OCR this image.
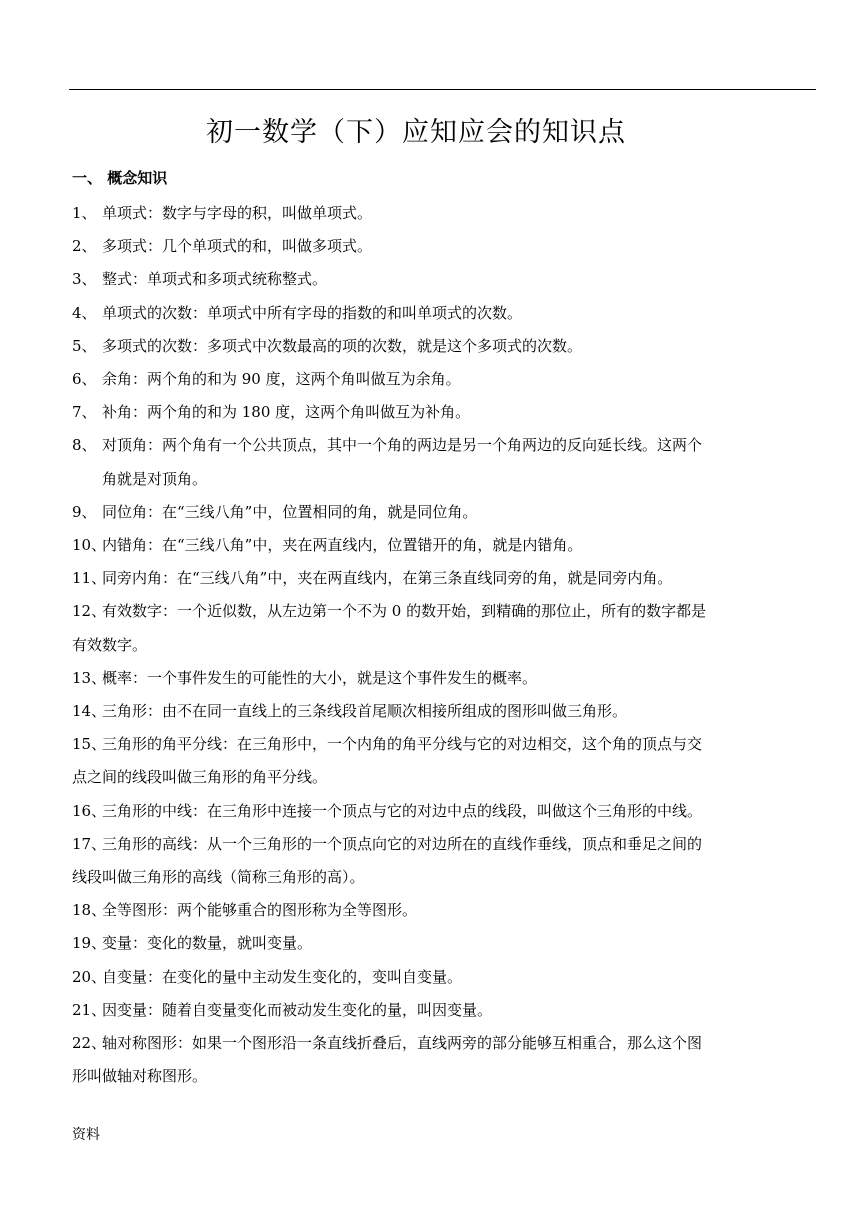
初一数学（下）应知应会的知识点
一、 概念知识
1、 单项式：数字与字母的积，叫做单项式。
2、 多项式：几个单项式的和，叫做多项式。
3、 整式：单项式和多项式统称整式。
4、 单项式的次数：单项式中所有字母的指数的和叫单项式的次数。
5、 多项式的次数：多项式中次数最高的项的次数，就是这个多项式的次数。
6、 余角：两个角的和为 90 度，这两个角叫做互为余角。
7、 补角：两个角的和为 180 度，这两个角叫做互为补角。
8、 对顶角：两个角有一个公共顶点，其中一个角的两边是另一个角两边的反向延长线。这两个
角就是对顶角。
9、 同位角：在“三线八角”中，位置相同的角，就是同位角。
10、内错角：在“三线八角”中，夹在两直线内，位置错开的角，就是内错角。
11、同旁内角：在“三线八角”中，夹在两直线内，在第三条直线同旁的角，就是同旁内角。
12、有效数字：一个近似数，从左边第一个不为 0 的数开始，到精确的那位止，所有的数字都是
有效数字。
13、概率：一个事件发生的可能性的大小，就是这个事件发生的概率。
14、三角形：由不在同一直线上的三条线段首尾顺次相接所组成的图形叫做三角形。
15、三角形的角平分线：在三角形中，一个内角的角平分线与它的对边相交，这个角的顶点与交
点之间的线段叫做三角形的角平分线。
16、三角形的中线：在三角形中连接一个顶点与它的对边中点的线段，叫做这个三角形的中线。
17、三角形的高线：从一个三角形的一个顶点向它的对边所在的直线作垂线，顶点和垂足之间的
线段叫做三角形的高线（简称三角形的高）。
18、全等图形：两个能够重合的图形称为全等图形。
19、变量：变化的数量，就叫变量。
20、自变量：在变化的量中主动发生变化的，变叫自变量。
21、因变量：随着自变量变化而被动发生变化的量，叫因变量。
22、轴对称图形：如果一个图形沿一条直线折叠后，直线两旁的部分能够互相重合，那么这个图
形叫做轴对称图形。
资料
